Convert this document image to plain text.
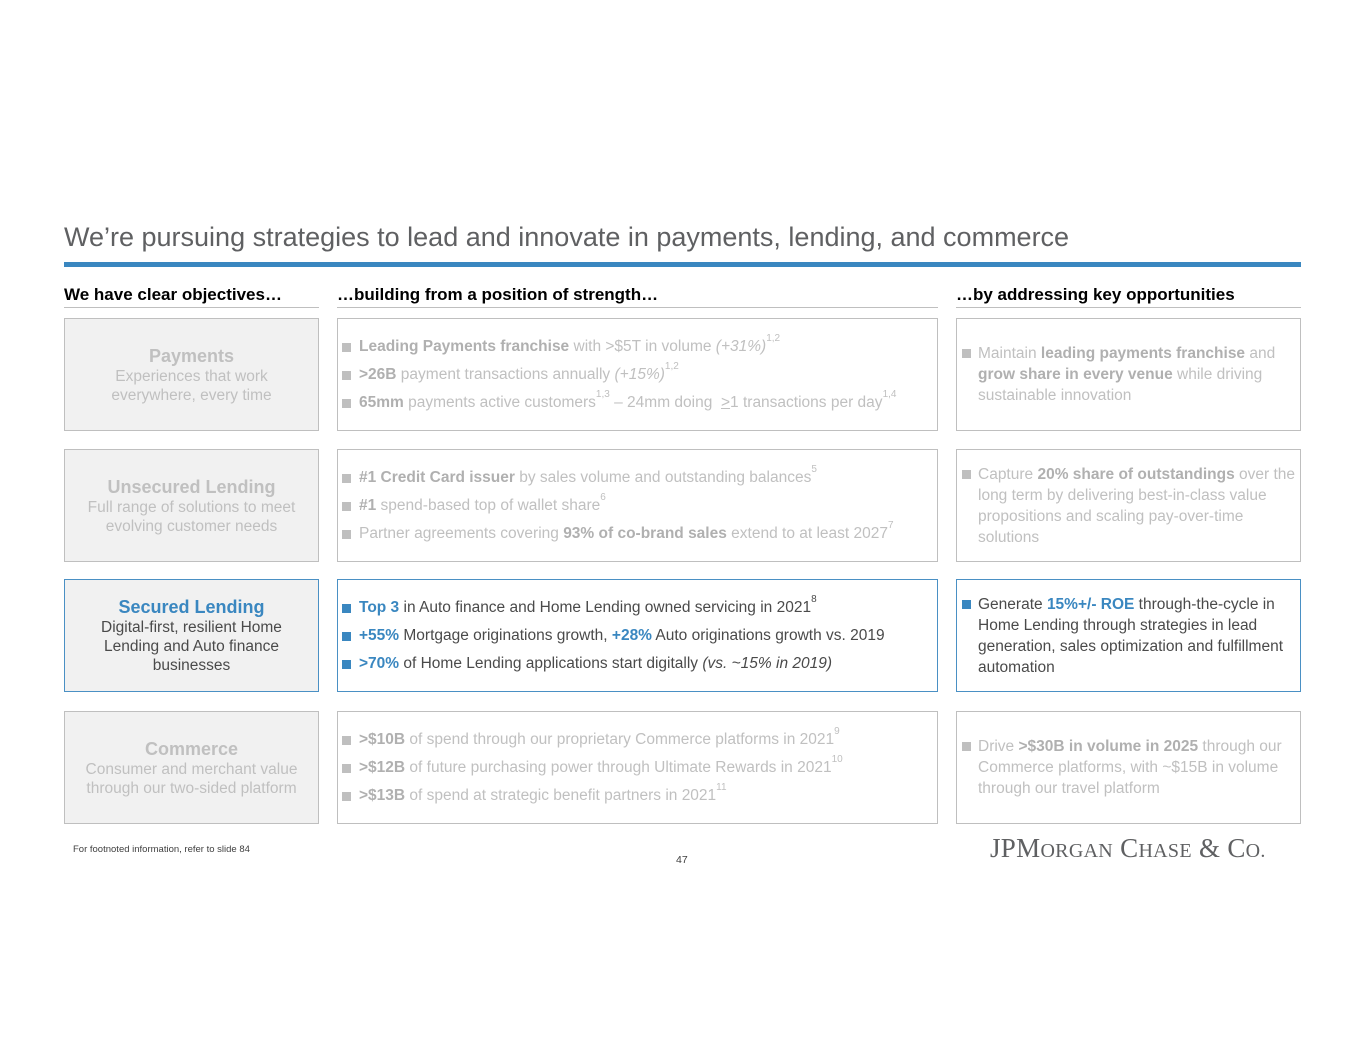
We’re pursuing strategies to lead and innovate in payments, lending, and commerce
We have clear objectives…	…building from a position of strength…	…by addressing key opportunities
Payments
Experiences that work everywhere, every time
Leading Payments franchise with >$5T in volume $(+31\%)^{1,2}$
>26B payment transactions annually $(+15\%)^{1,2}$
65mm payments active customers$^{1,3}$ – 24mm doing  >1 transactions per day$^{1,4}$
Maintain leading payments franchise and grow share in every venue while driving sustainable innovation
Unsecured Lending
Full range of solutions to meet evolving customer needs
#1 Credit Card issuer by sales volume and outstanding balances$^5$
#1 spend-based top of wallet share$^6$
Partner agreements covering 93% of co-brand sales extend to at least 2027$^7$
Capture 20% share of outstandings over the long term by delivering best-in-class value propositions and scaling pay-over-time solutions
Secured Lending
Digital-first, resilient Home Lending and Auto finance businesses
Top 3 in Auto finance and Home Lending owned servicing in $2021^8$
+55% Mortgage originations growth, +28% Auto originations growth vs. 2019
>70% of Home Lending applications start digitally (vs. ~15% in 2019)
Generate 15%+/- ROE through-the-cycle in Home Lending through strategies in lead generation, sales optimization and fulfillment automation
Commerce
Consumer and merchant value through our two-sided platform
>$10B of spend through our proprietary Commerce platforms in $2021^9$
>$12B of future purchasing power through Ultimate Rewards in $2021^{10}$
>$13B of spend at strategic benefit partners in 2021$^{11}$
Drive >$30B in volume in 2025 through our Commerce platforms, with ~$15B in volume through our travel platform
For footnoted information, refer to slide 84
47	JPMORGAN CHASE & CO.
